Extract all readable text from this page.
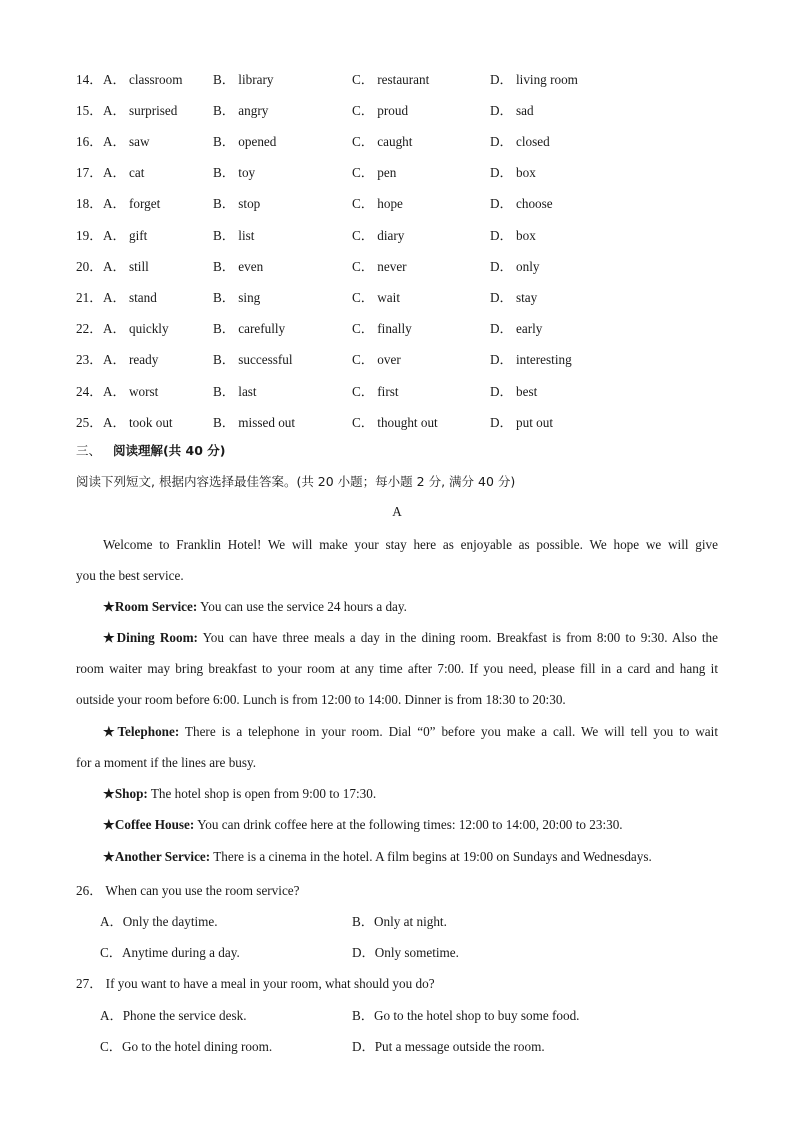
14． A． classroom B． library	C． restaurant	D． living room
15． A． surprised	B． angry	C． proud	D． sad
16． A． saw	B． opened	C． caught	D． closed
17． A． cat	B． toy	C． pen	D． box
18． A． forget	B． stop	C． hope	D． choose
19． A． gift	B． list	C． diary	D． box
20． A． still	B． even	C． never	D． only
21． A． stand	B． sing	C． wait	D． stay
22． A． quickly	B． carefully	C． finally	D． early
23． A． ready	B． successful	C． over	D． interesting
24． A． worst	B． last	C． first	D． best
25． A． took out	B． missed out	C． thought out	D． put out
三、 阅读理解(共 40 分)
阅读下列短文, 根据内容选择最佳答案。(共 20 小题；每小题 2 分, 满分 40 分)
A
Welcome to Franklin Hotel! We will make your stay here as enjoyable as possible. We hope we will give
you the best service.
★Room Service: You can use the service 24 hours a day.
★Dining Room: You can have three meals a day in the dining room. Breakfast is from 8:00 to 9:30. Also the
room waiter may bring breakfast to your room at any time after 7:00. If you need, please fill in a card and hang it
outside your room before 6:00. Lunch is from 12:00 to 14:00. Dinner is from 18:30 to 20:30.
★Telephone: There is a telephone in your room. Dial “0” before you make a call. We will tell you to wait
for a moment if the lines are busy.
★Shop: The hotel shop is open from 9:00 to 17:30.
★Coffee House: You can drink coffee here at the following times: 12:00 to 14:00, 20:00 to 23:30.
★Another Service: There is a cinema in the hotel. A film begins at 19:00 on Sundays and Wednesdays.
26． When can you use the room service?
A．Only the daytime.	B．Only at night.
C．Anytime during a day.	D．Only sometime.
27． If you want to have a meal in your room, what should you do?
A．Phone the service desk.	B．Go to the hotel shop to buy some food.
C．Go to the hotel dining room.	D．Put a message outside the room.
